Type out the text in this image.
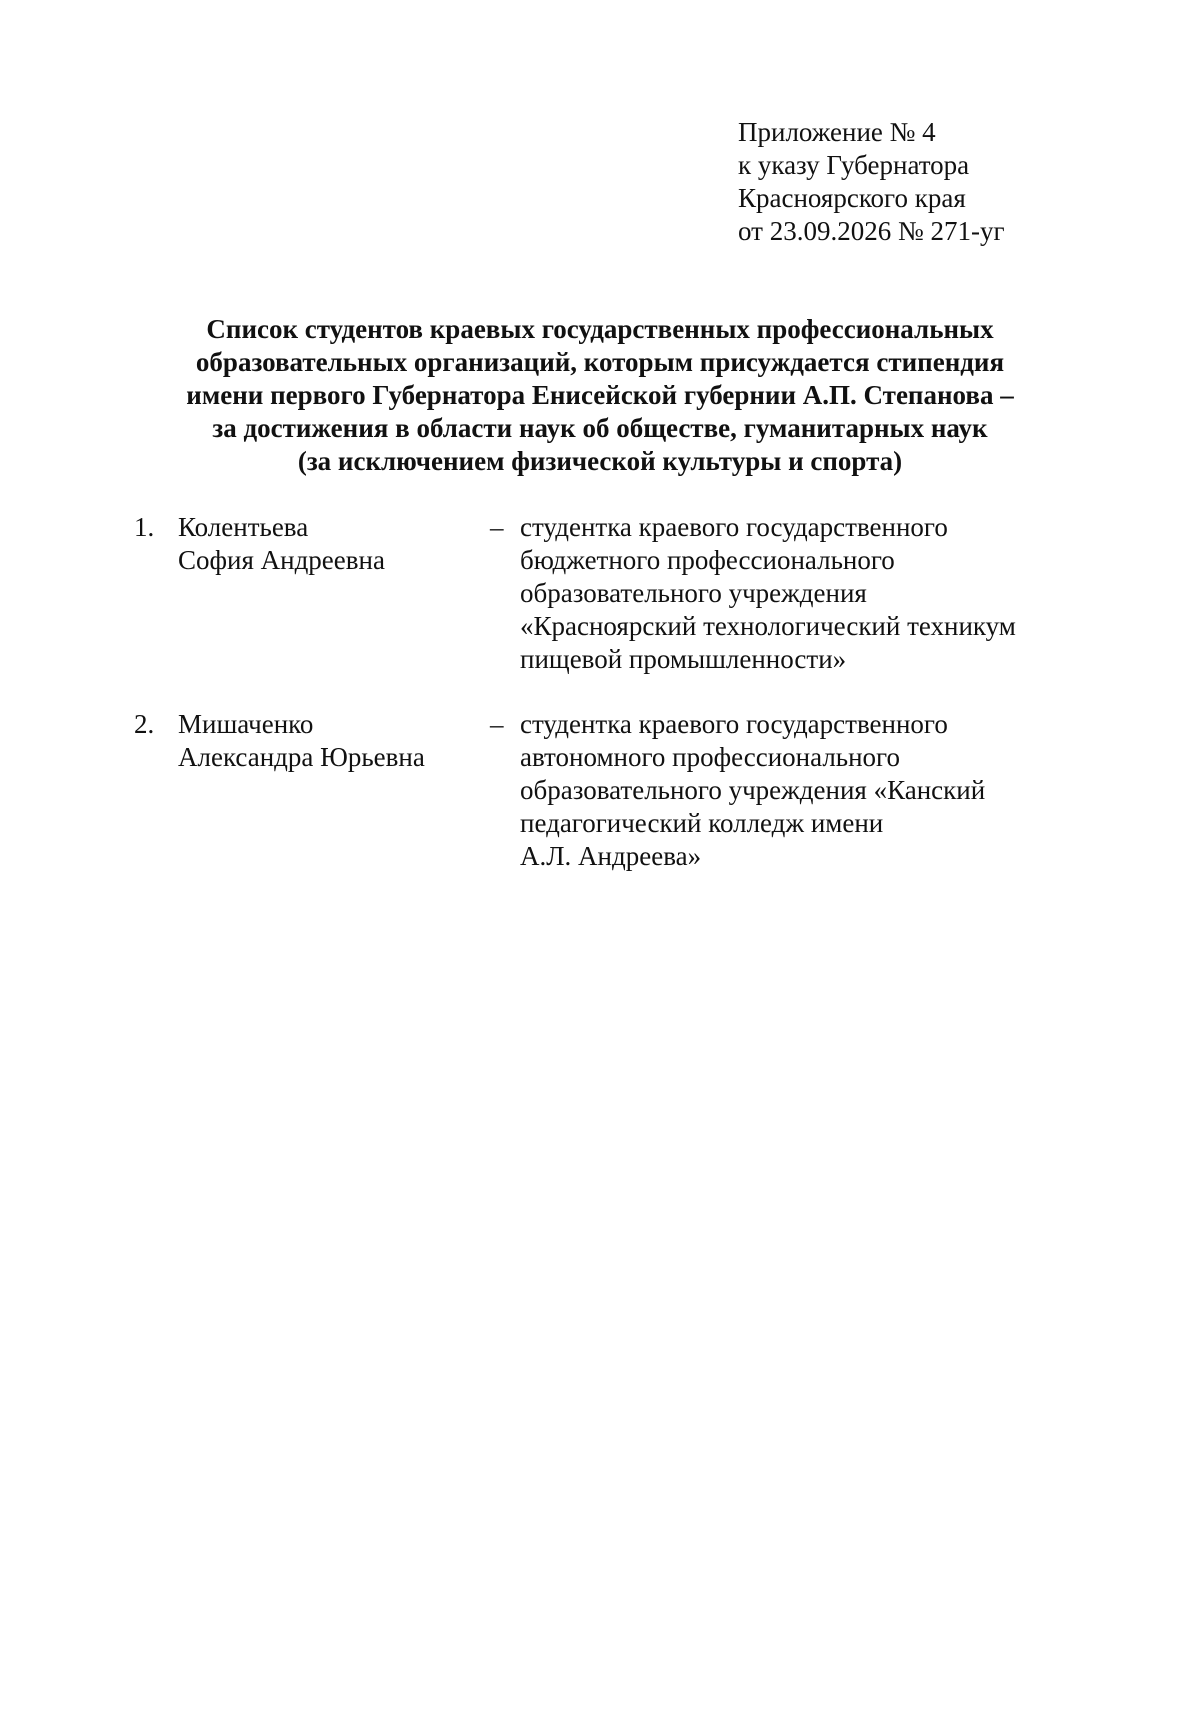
Приложение № 4
к указу Губернатора
Красноярского края
от 23.09.2026 № 271-уг
Список студентов краевых государственных профессиональных
образовательных организаций, которым присуждается стипендия
имени первого Губернатора Енисейской губернии А.П. Степанова –
за достижения в области наук об обществе, гуманитарных наук
(за исключением физической культуры и спорта)
1. Колентьева
София Андреевна
– студентка краевого государственного
бюджетного профессионального
образовательного учреждения
«Красноярский технологический техникум
пищевой промышленности»
2. Мишаченко
Александра Юрьевна
– студентка краевого государственного
автономного профессионального
образовательного учреждения «Канский
педагогический колледж имени
А.Л. Андреева»
